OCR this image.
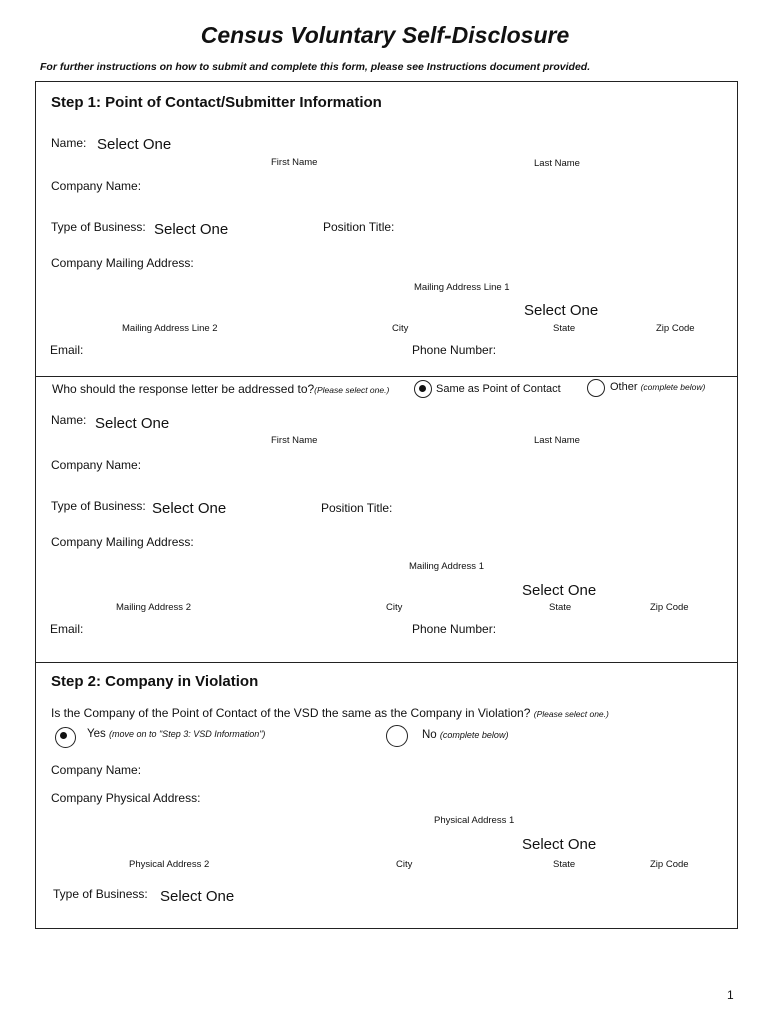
Census Voluntary Self-Disclosure
For further instructions on how to submit and complete this form, please see Instructions document provided.
Step 1: Point of Contact/Submitter Information
Name: Select One
First Name	Last Name
Company Name:
Type of Business: Select One	Position Title:
Company Mailing Address:
Mailing Address Line 1
Select One
Mailing Address Line 2	City	State	Zip Code
Email:	Phone Number:
Who should the response letter be addressed to?(Please select one.)	Same as Point of Contact	Other (complete below)
Name: Select One
First Name	Last Name
Company Name:
Type of Business: Select One	Position Title:
Company Mailing Address:
Mailing Address 1
Select One
Mailing Address 2	City	State	Zip Code
Email:	Phone Number:
Step 2: Company in Violation
Is the Company of the Point of Contact of the VSD the same as the Company in Violation? (Please select one.)
Yes (move on to "Step 3: VSD Information")	No (complete below)
Company Name:
Company Physical Address:
Physical Address 1
Select One
Physical Address 2	City	State	Zip Code
Type of Business: Select One
1
